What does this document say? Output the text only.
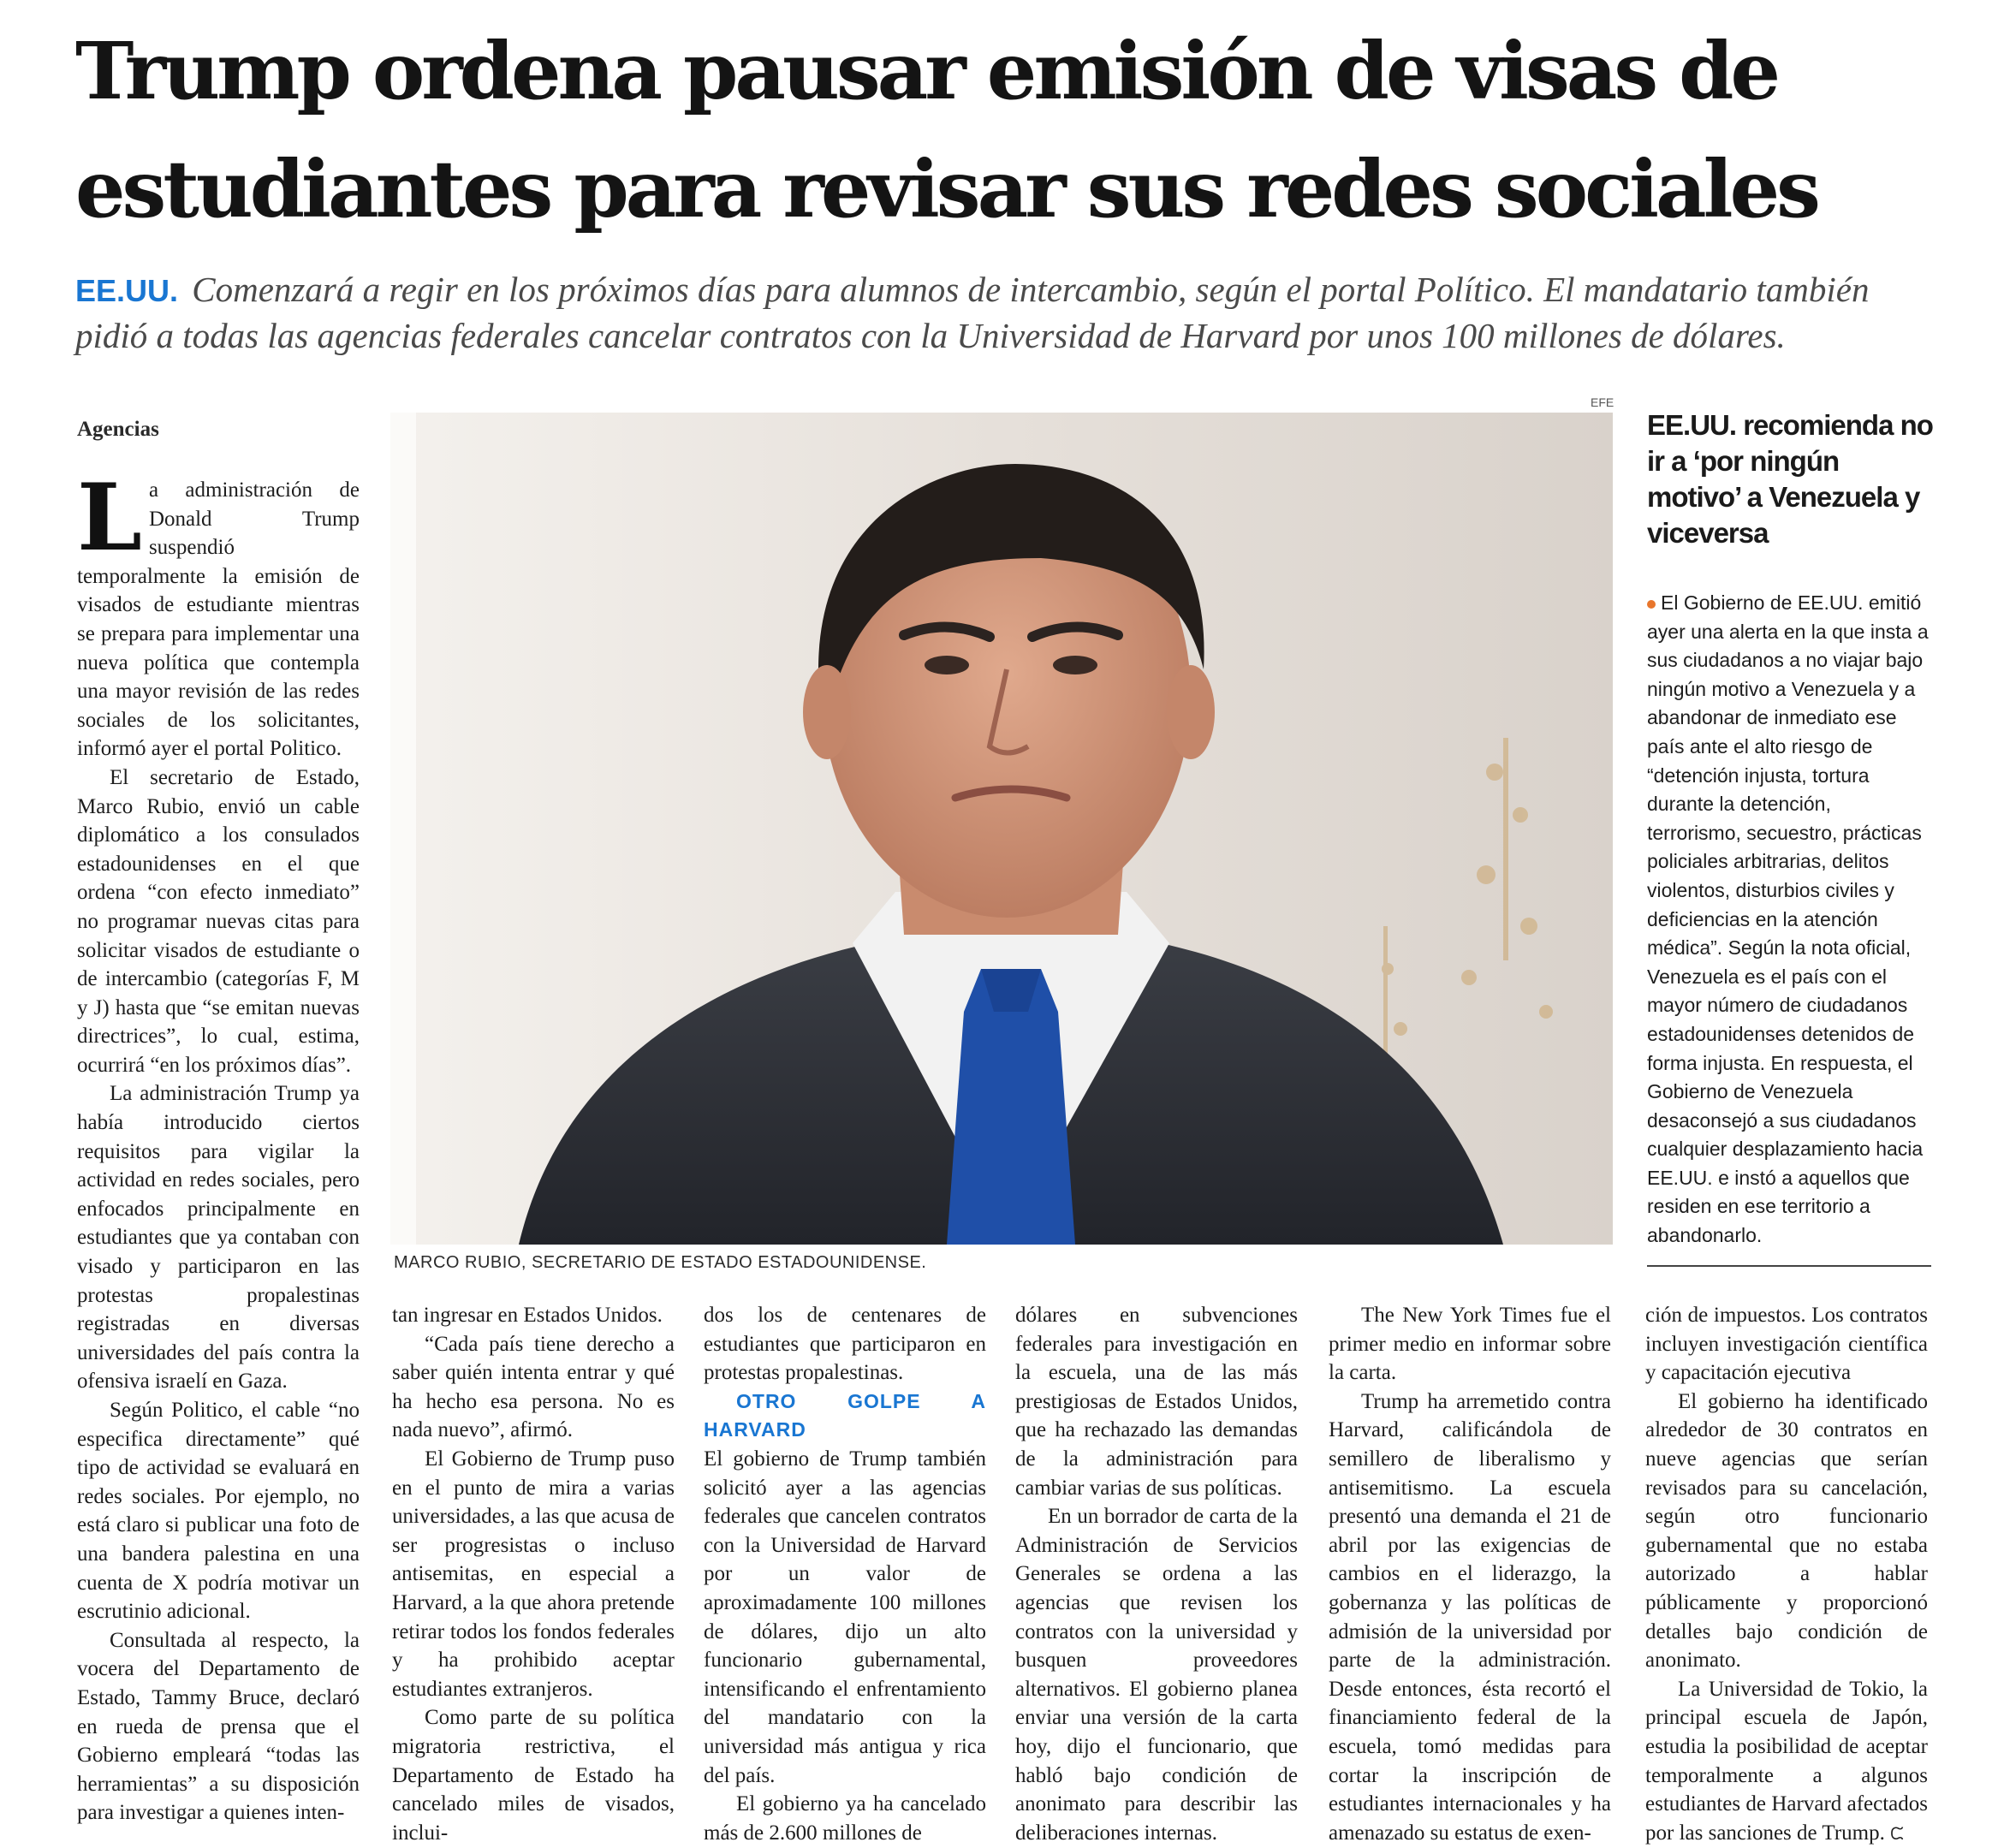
Trump ordena pausar emisión de visas de
estudiantes para revisar sus redes sociales
EE.UU. Comenzará a regir en los próximos días para alumnos de intercambio, según el portal Político. El mandatario también pidió a todas las agencias federales cancelar contratos con la Universidad de Harvard por unos 100 millones de dólares.
Agencias

La administración de Donald Trump suspendió temporalmente la emisión de visados de estudiante mientras se prepara para implementar una nueva política que contempla una mayor revisión de las redes sociales de los solicitantes, informó ayer el portal Politico.

El secretario de Estado, Marco Rubio, envió un cable diplomático a los consulados estadounidenses en el que ordena “con efecto inmediato” no programar nuevas citas para solicitar visados de estudiante o de intercambio (categorías F, M y J) hasta que “se emitan nuevas directrices”, lo cual, estima, ocurrirá “en los próximos días”.

La administración Trump ya había introducido ciertos requisitos para vigilar la actividad en redes sociales, pero enfocados principalmente en estudiantes que ya contaban con visado y participaron en las protestas propalestinas registradas en diversas universidades del país contra la ofensiva israelí en Gaza.

Según Politico, el cable “no especifica directamente” qué tipo de actividad se evaluará en redes sociales. Por ejemplo, no está claro si publicar una foto de una bandera palestina en una cuenta de X podría motivar un escrutinio adicional.

Consultada al respecto, la vocera del Departamento de Estado, Tammy Bruce, declaró en rueda de prensa que el Gobierno empleará “todas las herramientas” a su disposición para investigar a quienes inten-

EFE
MARCO RUBIO, SECRETARIO DE ESTADO ESTADOUNIDENSE.
EE.UU. recomienda no ir a ‘por ningún motivo’ a Venezuela y viceversa
El Gobierno de EE.UU. emitió ayer una alerta en la que insta a sus ciudadanos a no viajar bajo ningún motivo a Venezuela y a abandonar de inmediato ese país ante el alto riesgo de “detención injusta, tortura durante la detención, terrorismo, secuestro, prácticas policiales arbitrarias, delitos violentos, disturbios civiles y deficiencias en la atención médica”. Según la nota oficial, Venezuela es el país con el mayor número de ciudadanos estadounidenses detenidos de forma injusta. En respuesta, el Gobierno de Venezuela desaconsejó a sus ciudadanos cualquier desplazamiento hacia EE.UU. e instó a aquellos que residen en ese territorio a abandonarlo.

tan ingresar en Estados Unidos.

“Cada país tiene derecho a saber quién intenta entrar y qué ha hecho esa persona. No es nada nuevo”, afirmó.

El Gobierno de Trump puso en el punto de mira a varias universidades, a las que acusa de ser progresistas o incluso antisemitas, en especial a Harvard, a la que ahora pretende retirar todos los fondos federales y ha prohibido aceptar estudiantes extranjeros.

Como parte de su política migratoria restrictiva, el Departamento de Estado ha cancelado miles de visados, inclui-

dos los de centenares de estudiantes que participaron en protestas propalestinas.

OTRO GOLPE A HARVARD

El gobierno de Trump también solicitó ayer a las agencias federales que cancelen contratos con la Universidad de Harvard por un valor de aproximadamente 100 millones de dólares, dijo un alto funcionario gubernamental, intensificando el enfrentamiento del mandatario con la universidad más antigua y rica del país.

El gobierno ya ha cancelado más de 2.600 millones de

dólares en subvenciones federales para investigación en la escuela, una de las más prestigiosas de Estados Unidos, que ha rechazado las demandas de la administración para cambiar varias de sus políticas.

En un borrador de carta de la Administración de Servicios Generales se ordena a las agencias que revisen los contratos con la universidad y busquen proveedores alternativos. El gobierno planea enviar una versión de la carta hoy, dijo el funcionario, que habló bajo condición de anonimato para describir las deliberaciones internas.

The New York Times fue el primer medio en informar sobre la carta.

Trump ha arremetido contra Harvard, calificándola de semillero de liberalismo y antisemitismo. La escuela presentó una demanda el 21 de abril por las exigencias de cambios en el liderazgo, la gobernanza y las políticas de admisión de la universidad por parte de la administración. Desde entonces, ésta recortó el financiamiento federal de la escuela, tomó medidas para cortar la inscripción de estudiantes internacionales y ha amenazado su estatus de exen-

ción de impuestos. Los contratos incluyen investigación científica y capacitación ejecutiva

El gobierno ha identificado alrededor de 30 contratos en nueve agencias que serían revisados para su cancelación, según otro funcionario gubernamental que no estaba autorizado a hablar públicamente y proporcionó detalles bajo condición de anonimato.

La Universidad de Tokio, la principal escuela de Japón, estudia la posibilidad de aceptar temporalmente a algunos estudiantes de Harvard afectados por las sanciones de Trump. ᙅ
